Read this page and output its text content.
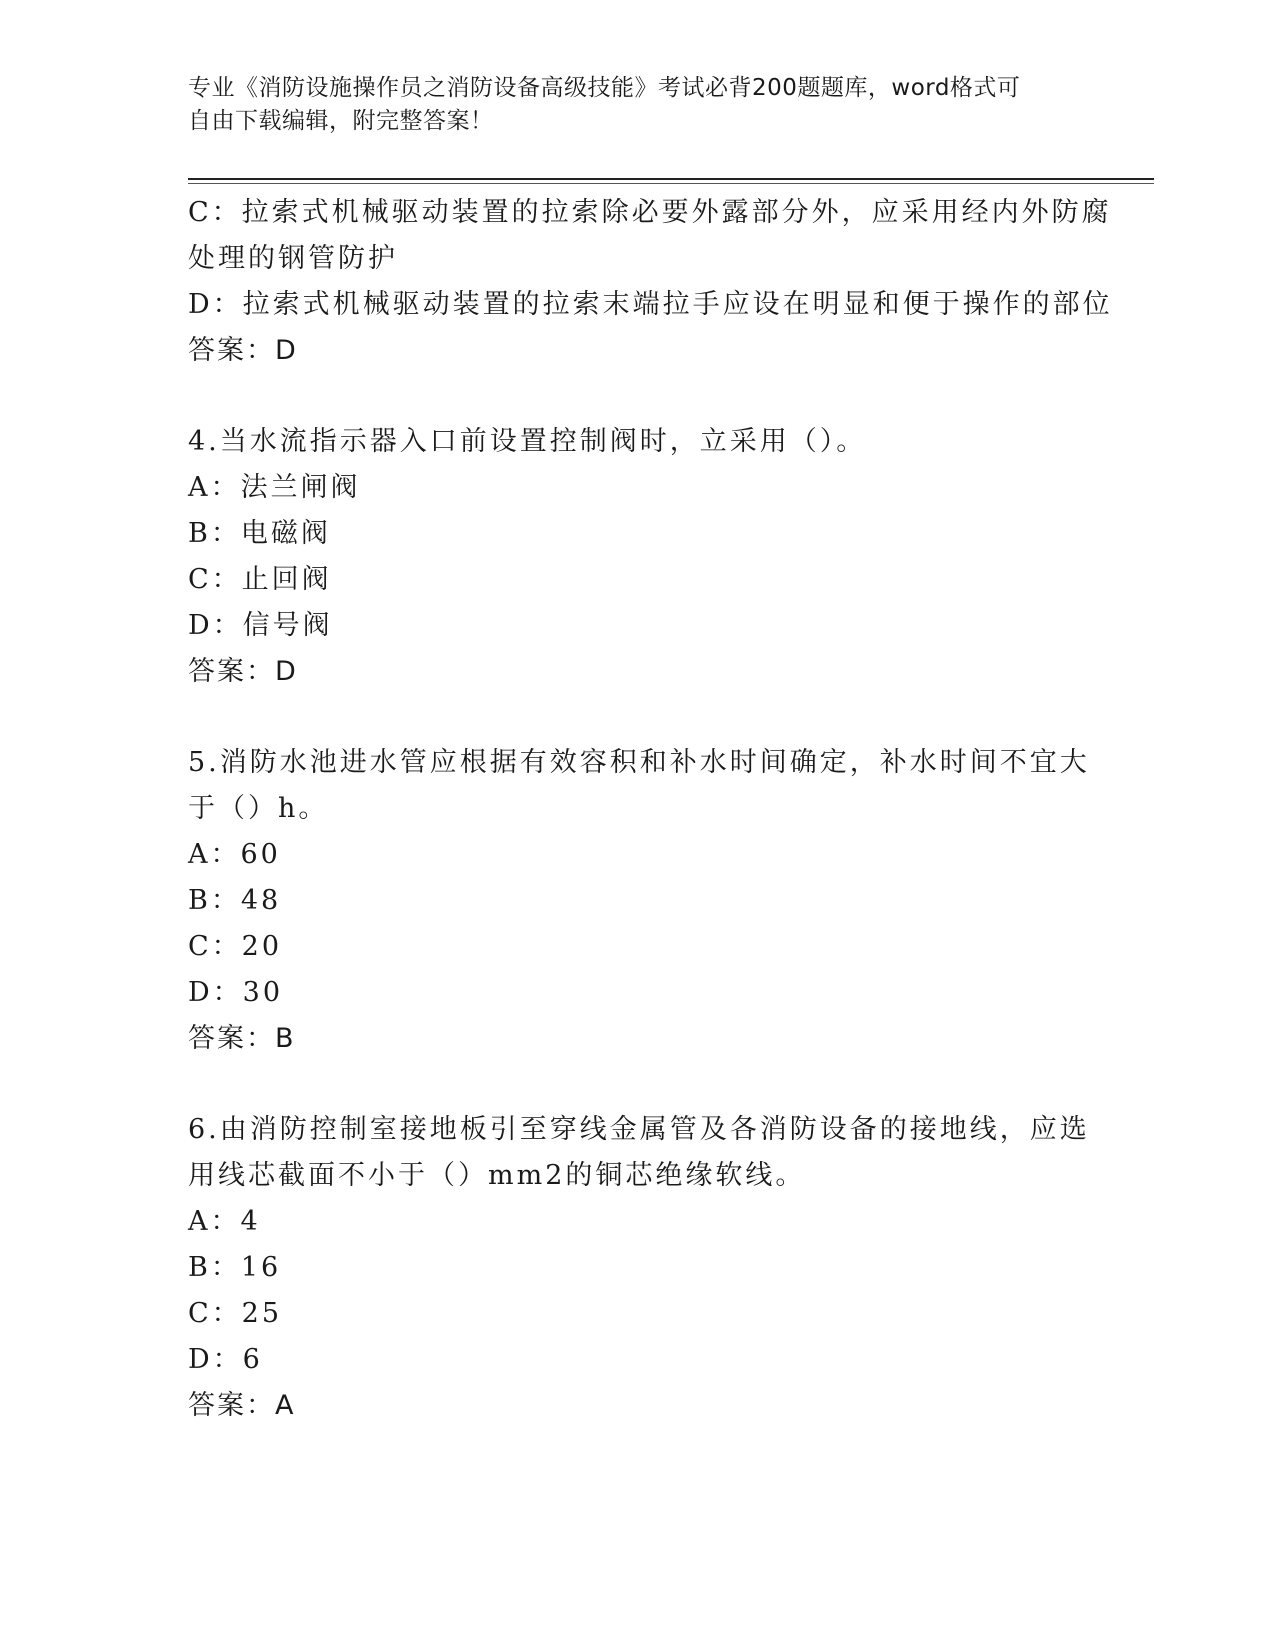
专业《消防设施操作员之消防设备高级技能》考试必背200题题库，word格式可
自由下载编辑，附完整答案！
C：拉索式机械驱动装置的拉索除必要外露部分外，应采用经内外防腐
处理的钢管防护
D：拉索式机械驱动装置的拉索末端拉手应设在明显和便于操作的部位
答案：D
4.当水流指示器入口前设置控制阀时，立采用（）。
A：法兰闸阀
B：电磁阀
C：止回阀
D：信号阀
答案：D
5.消防水池进水管应根据有效容积和补水时间确定，补水时间不宜大
于（）h。
A：60
B：48
C：20
D：30
答案：B
6.由消防控制室接地板引至穿线金属管及各消防设备的接地线，应选
用线芯截面不小于（）mm2的铜芯绝缘软线。
A：4
B：16
C：25
D：6
答案：A
